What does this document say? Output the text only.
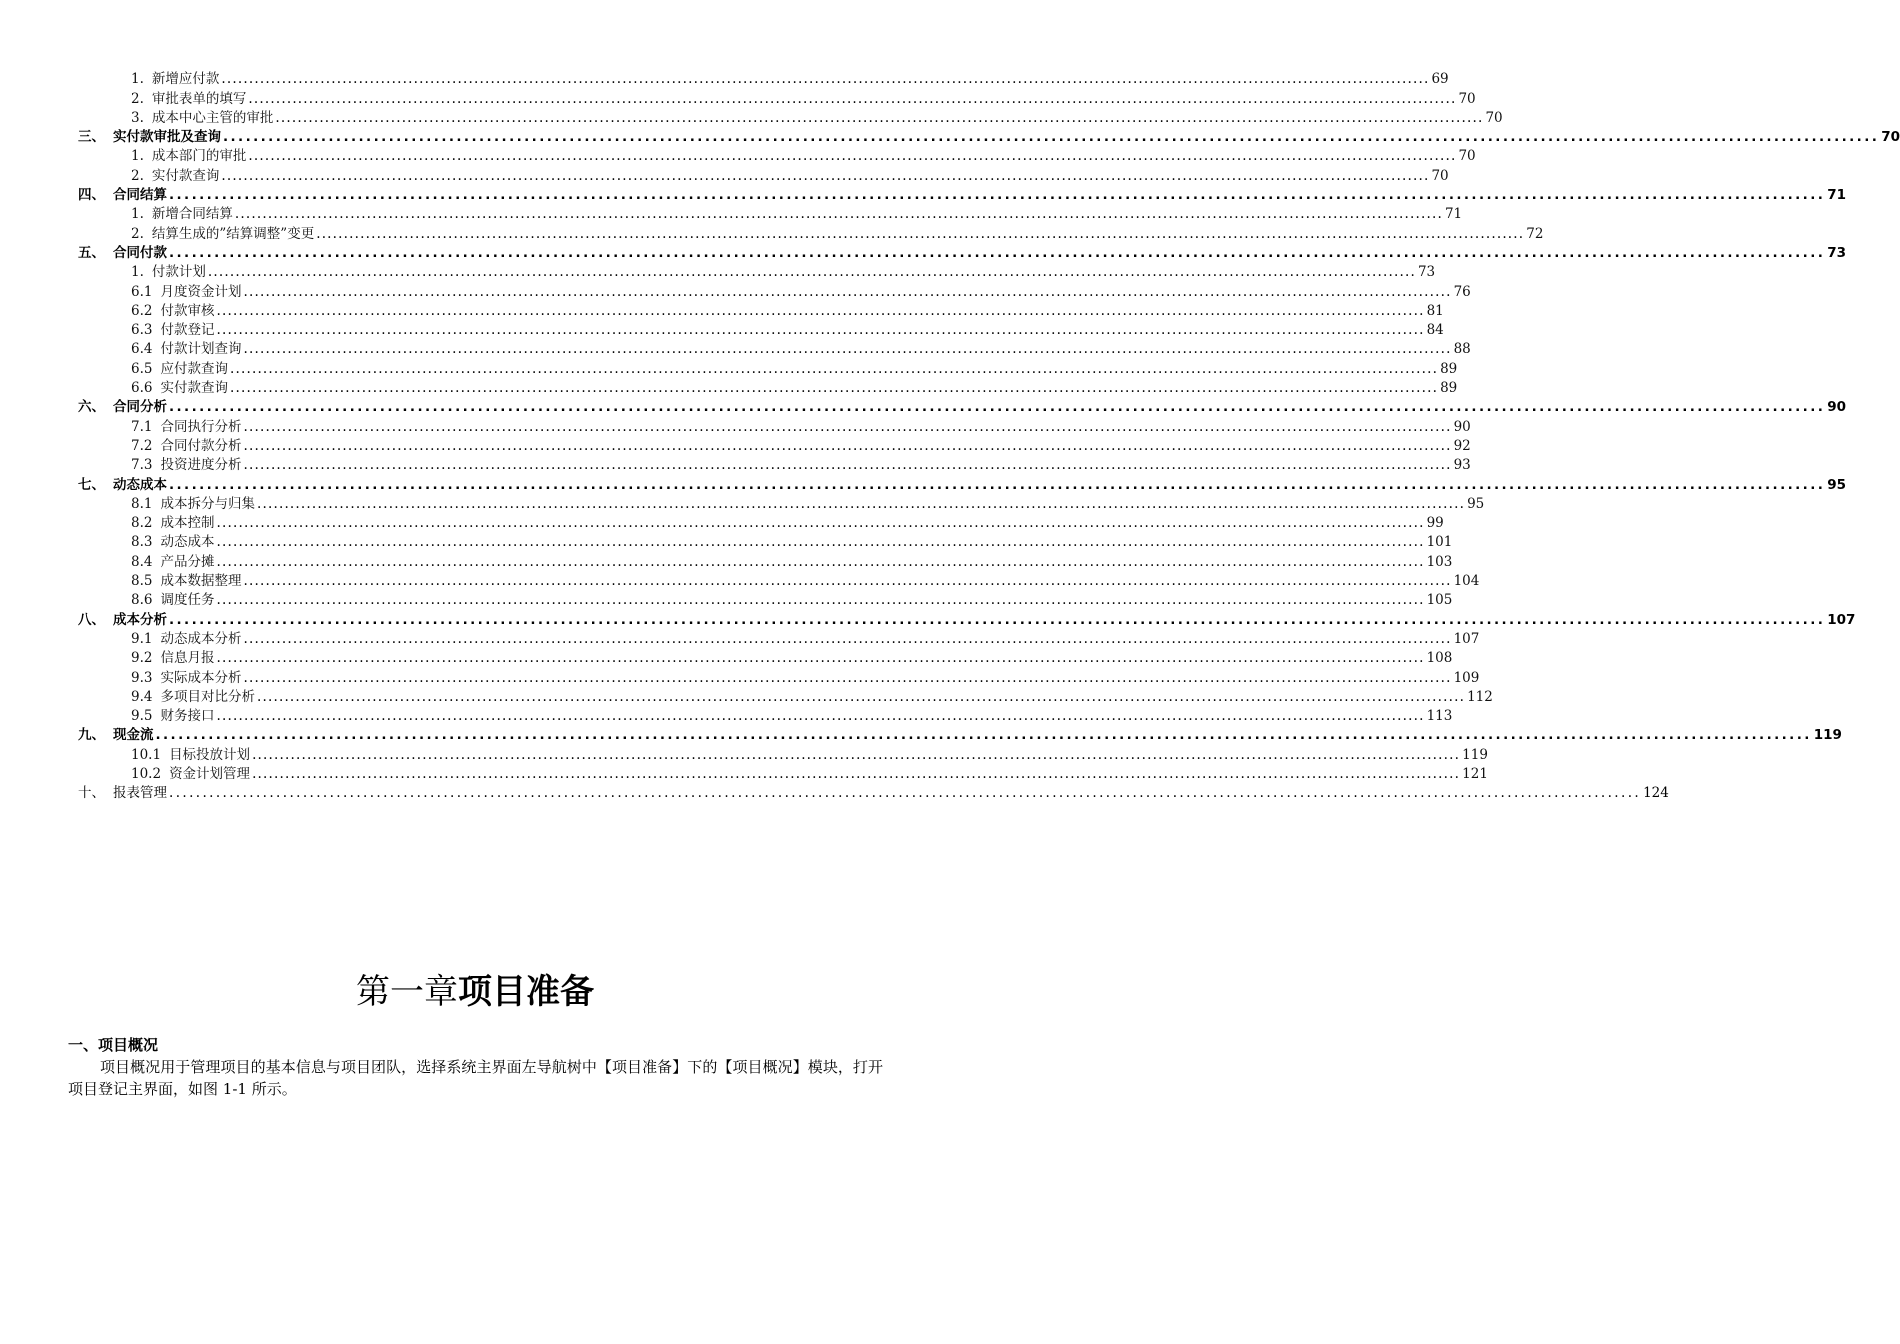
1. 新增应付款 ............................................................................................................................................................................................................................ 69
2. 审批表单的填写 ............................................................................................................................................................................................................................ 70
3. 成本中心主管的审批 ............................................................................................................................................................................................................................ 70
三、 实付款审批及查询 ............................................................................................................................................................................................................................ 70
1. 成本部门的审批 ............................................................................................................................................................................................................................ 70
2. 实付款查询 ............................................................................................................................................................................................................................ 70
四、 合同结算 ............................................................................................................................................................................................................................ 71
1. 新增合同结算 ............................................................................................................................................................................................................................ 71
2. 结算生成的”结算调整”变更 ............................................................................................................................................................................................................................ 72
五、 合同付款 ............................................................................................................................................................................................................................ 73
1. 付款计划 ............................................................................................................................................................................................................................ 73
6.1 月度资金计划 ............................................................................................................................................................................................................................ 76
6.2 付款审核 ............................................................................................................................................................................................................................ 81
6.3 付款登记 ............................................................................................................................................................................................................................ 84
6.4 付款计划查询 ............................................................................................................................................................................................................................ 88
6.5 应付款查询 ............................................................................................................................................................................................................................ 89
6.6 实付款查询 ............................................................................................................................................................................................................................ 89
六、 合同分析 ............................................................................................................................................................................................................................ 90
7.1 合同执行分析 ............................................................................................................................................................................................................................ 90
7.2 合同付款分析 ............................................................................................................................................................................................................................ 92
7.3 投资进度分析 ............................................................................................................................................................................................................................ 93
七、 动态成本 ............................................................................................................................................................................................................................ 95
8.1 成本拆分与归集 ............................................................................................................................................................................................................................ 95
8.2 成本控制 ............................................................................................................................................................................................................................ 99
8.3 动态成本 ............................................................................................................................................................................................................................ 101
8.4 产品分摊 ............................................................................................................................................................................................................................ 103
8.5 成本数据整理 ............................................................................................................................................................................................................................ 104
8.6 调度任务 ............................................................................................................................................................................................................................ 105
八、 成本分析 ............................................................................................................................................................................................................................ 107
9.1 动态成本分析 ............................................................................................................................................................................................................................ 107
9.2 信息月报 ............................................................................................................................................................................................................................ 108
9.3 实际成本分析 ............................................................................................................................................................................................................................ 109
9.4 多项目对比分析 ............................................................................................................................................................................................................................ 112
9.5 财务接口 ............................................................................................................................................................................................................................ 113
九、 现金流 ............................................................................................................................................................................................................................ 119
10.1 目标投放计划 ............................................................................................................................................................................................................................ 119
10.2 资金计划管理 ............................................................................................................................................................................................................................ 121
十、 报表管理 ............................................................................................................................................................................................................................ 124
第一章项目准备
一、项目概况

项目概况用于管理项目的基本信息与项目团队，选择系统主界面左导航树中【项目准备】下的【项目概况】模块，打开项目登记主界面，如图 1-1 所示。
